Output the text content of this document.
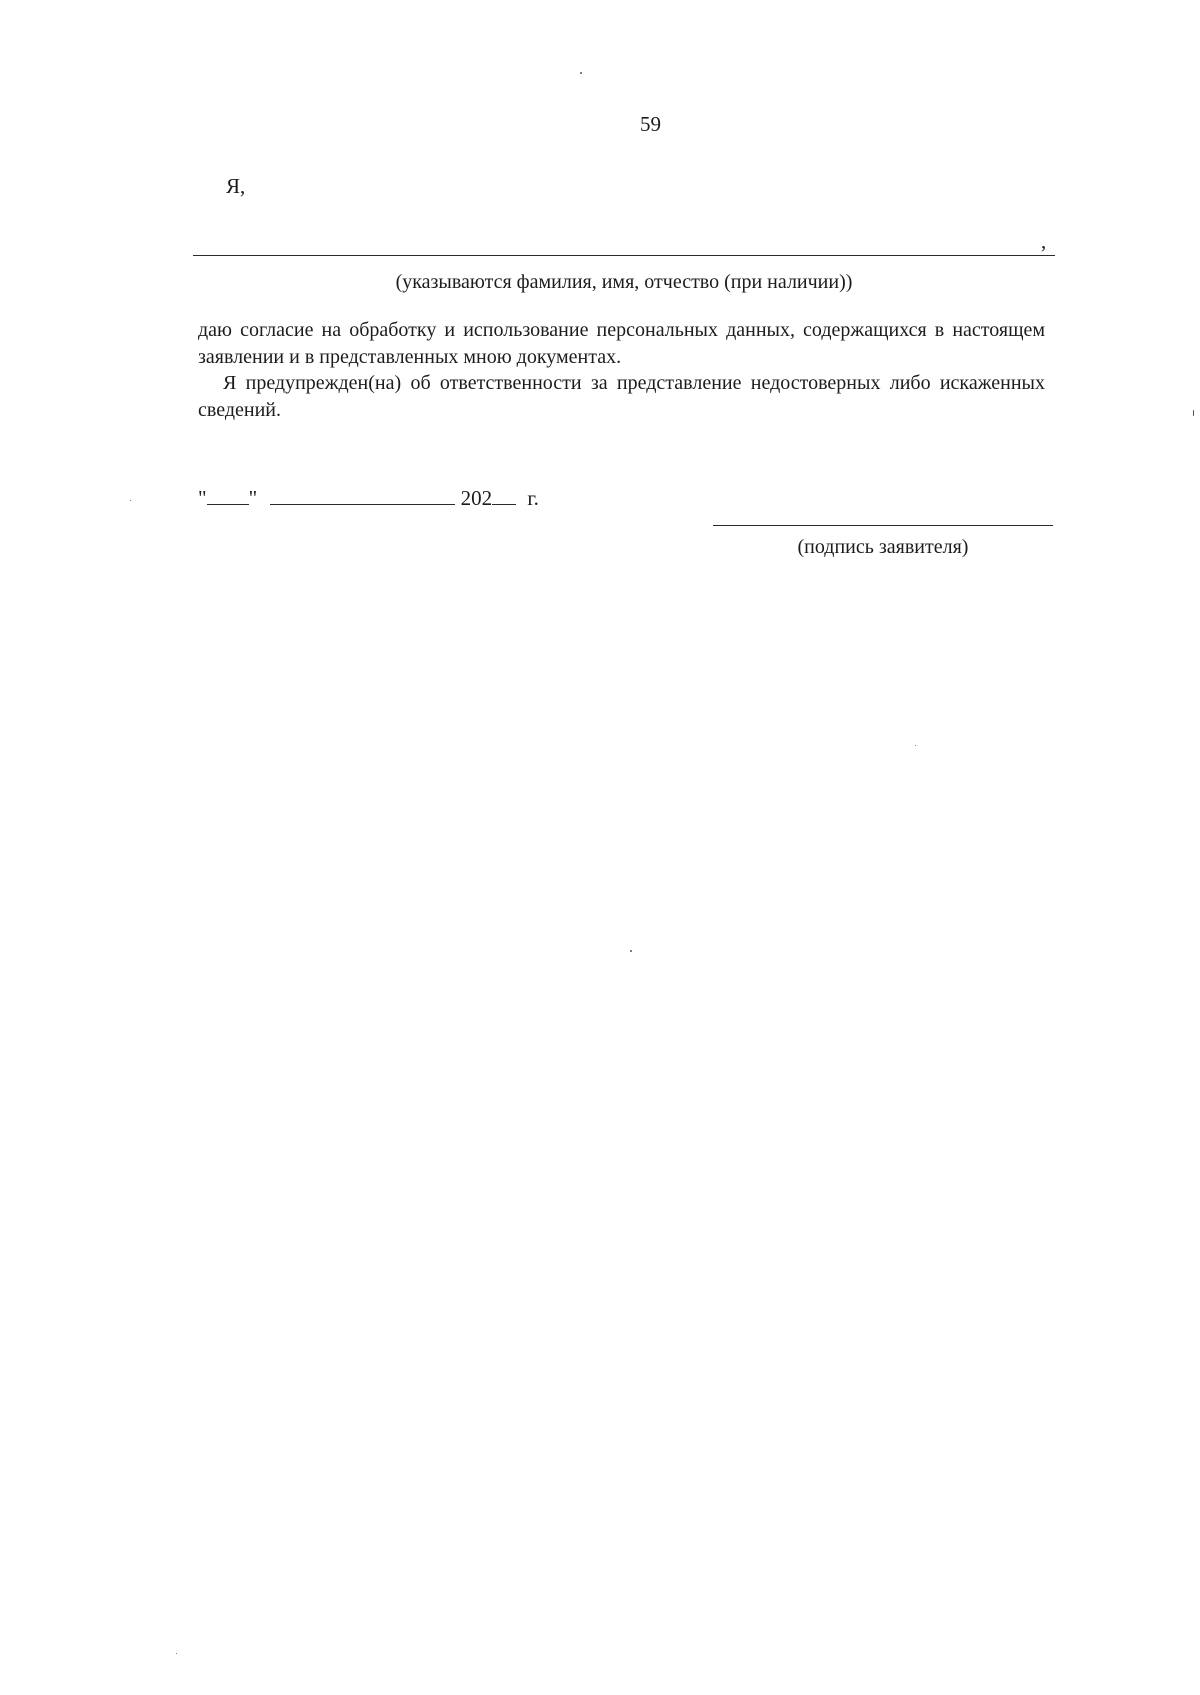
59
Я,
,
(указываются фамилия, имя, отчество (при наличии))

даю согласие на обработку и использование персональных данных, содержащихся в настоящем заявлении и в представленных мною документах.

Я предупрежден(на) об ответственности за представление недостоверных либо искаженных сведений.

" "	202 г.
(подпись заявителя)
